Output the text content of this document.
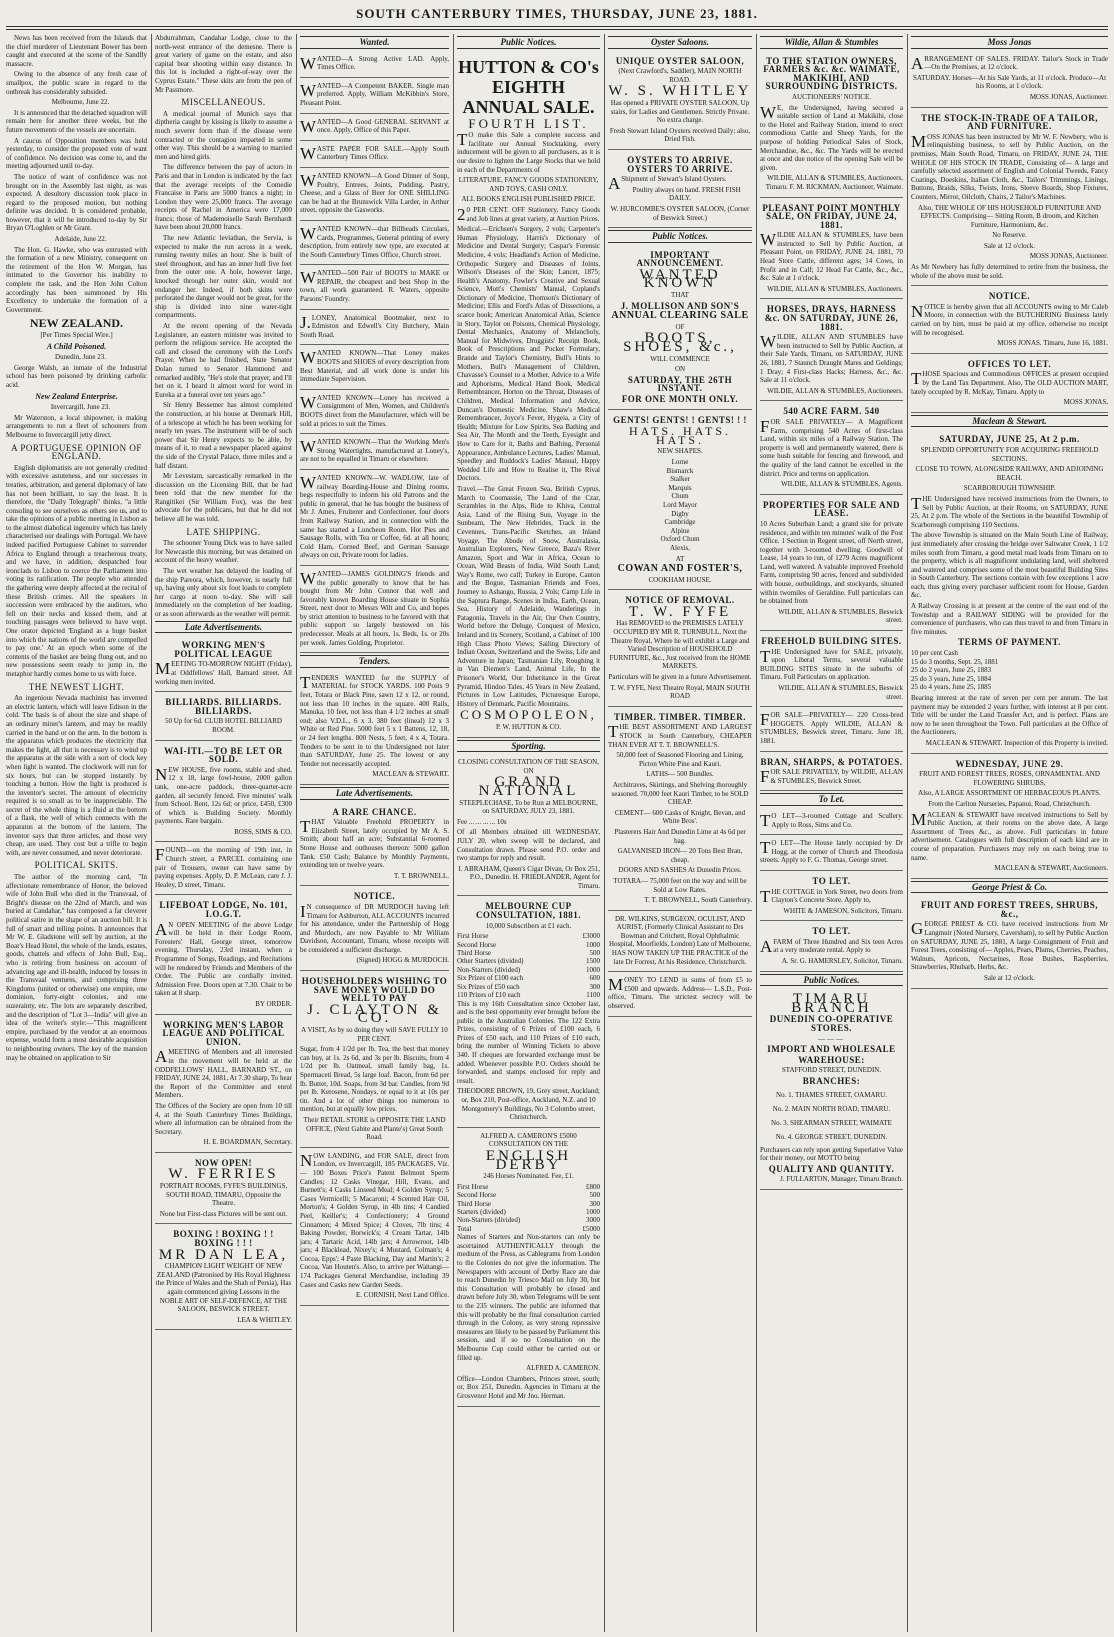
SOUTH CANTERBURY TIMES, THURSDAY, JUNE 23, 1881.

News has been received from the Islands that the chief murderer of Lieutenant Bower has been caught and executed at the scene of the Sandfly massacre.

Owing to the absence of any fresh case of smallpox, the public scare in regard to the outbreak has considerably subsided.

Melbourne, June 22.

It is announced that the detached squadron will remain here for another three weeks, but the future movements of the vessels are uncertain.

A caucus of Opposition members was held yesterday, to consider the proposed vote of want of confidence. No decision was come to, and the meeting adjourned until to-day.

The notice of want of confidence was not brought on in the Assembly last night, as was expected. A desultory discussion took place in regard to the proposed motion, but nothing definite was decided. It is considered probable, however, that it will be introduced to-day by Sir Bryan O'Loghlen or Mr Grant.

Adelaide, June 22.

The Hon. G. Hawke, who was entrusted with the formation of a new Ministry, consequent on the retirement of the Hon W. Morgan, has intimated to the Governor his inability to complete the task, and the Hon John Colton accordingly has been summoned by His Excellency to undertake the formation of a Government.

NEW ZEALAND.

[Per Times Special Wire.]

A Child Poisoned.

Dunedin, June 23.

George Walsh, an inmate of the Industrial school has been poisoned by drinking carbolic acid.

New Zealand Enterprise.

Invercargill, June 23.

Mr Waterston, a local shipowner, is making arrangements to run a fleet of schooners from Melbourne to Invercargill jetty direct.

A PORTUGUESE OPINION OF ENGLAND.

English diplomatists are not generally credited with excessive astuteness, and our successes in treaties, arbitration, and general diplomacy of late has not been brilliant, to say the least. It is therefore, the "Daily Telegraph" thinks, "a little consoling to see ourselves as others see us, and to take the opinions of a public meeting in Lisbon as to the almost diabolical ingenuity which has lately characterised our dealings with Portugal. We have indeed pacified Portuguese Cabinet to surrender Africa to England through a treacherous treaty, and we have, in addition, despatched four ironclads to Lisbon to coerce the Parliament into voting its ratification. The people who attended the gathering were deeply affected at the recital of these British crimes. All the speakers in succession were embraced by the auditors, who fell on their necks and kissed them, and at touching passages were believed to have wept. One orator depicted 'England as a huge basket into which the nations of the world are compelled to pay one.' At an epoch when some of the contents of the basket are being flung out, and no new possessions seem ready to jump in, the metaphor hardly comes home to us with force.

THE NEWEST LIGHT.

An ingenious Nevada machinist has invented an electric lantern, which will leave Edison in the cold. The basis is of about the size and shape of an ordinary miner's lantern, and may be readily carried in the hand or on the arm. In the bottom is the apparatus which produces the electricity that makes the light, all that is necessary is to wind up the apparatus at the side with a sort of clock key when light is wanted. The clockwork will run for six hours, but can be stopped instantly by touching a button. How the light is produced is the inventor's secret. The amount of electricity required is so small as to be inappreciable. The secret of the whole thing is a fluid at the bottom of a flask, the well of which connects with the apparatus at the bottom of the lantern. The inventor says that three articles, and those very cheap, are used. They cost but a trifle to begin with, are never consumed, and never deteriorate.

POLITICAL SKITS.

The author of the morning card, "In affectionate remembrance of Honor, the beloved wife of John Bull who died in the Transvaal, of Bright's disease on the 22nd of March, and was buried at Candahar," has composed a far cleverer political satire in the shape of an auction bill. It is full of smart and telling points. It announces that Mr W. E. Gladstone will sell by auction, at the Boar's Head Hotel, the whole of the lands, estates, goods, chattels and effects of John Bull, Esq., who is retiring from business on account of advancing age and ill-health, induced by losses in the Transvaal ventures, and comprising three Kingdoms (united or otherwise) one empire, one dominion, forty-eight colonies, and one suzerainty, etc. The lots are separately described, and the description of "Lot 3—India" will give an idea of the writer's style:—"This magnificent empire, purchased by the vendor at an enormous expense, would form a most desirable acquisition to neighbouring owners. The key of the mansion may be obtained on application to Sir

Abdurrahman, Candahar Lodge, close to the north-west entrance of the demesne. There is great variety of game on the estate, and also capital bear shooting within easy distance. In this lot is included a right-of-way over the Cyprus Estate." These skits are from the pen of Mr Passmore.

MISCELLANEOUS.

A medical journal of Munich says that diptheria caught by kissing is likely to assume a much severer form than if the disease were contracted or the contagion imparted in some other way. This should be a warning to married men and hired girls.

The difference between the pay of actors in Paris and that in London is indicated by the fact that the average receipts of the Comedie Francaise in Paris are 5000 francs a night; in London they were 25,000 francs. The average receipts of Rachel in America were 17,000 francs; those of Mademoiselle Sarah Bernhardt have been about 20,000 francs.

The new Atlantic leviathan, the Servia, is expected to make the run across in a week, running twenty miles an hour. She is built of steel throughout, and has an inner hull five feet from the outer one. A hole, however large, knocked through her outer skin, would not endanger her. Indeed, if both skins were perforated the danger would not be great, for the ship is divided into nine water-tight compartments.

At the recent opening of the Nevada Legislature, an eastern minister was invited to perform the religious service. He accepted the call and closed the ceremony with the Lord's Prayer. When he had finished, State Senator Dolan turned to Senator Hammond and remarked audibly, "He's stole that prayer, and I'll bet on it. I heard it almost word for word in Eureka at a funeral over ten years ago."

Sir Henry Bessemer has almost completed the construction, at his house at Denmark Hill, of a telescope at which he has been working for nearly ten years. The instrument will be of such power that Sir Henry expects to be able, by means of it, to read a newspaper placed against the side of the Crystal Palace, three miles and a half distant.

Mr Levestam, sarcastically remarked in the discussion on the Licensing Bill, that he had been told that the new member for the Rangitikei (Sir William Fox), was the best advocate for the publicans, but that he did not believe all he was told.

LATE SHIPPING.

The schooner Young Dick was to have sailed for Newcastle this morning, but was detained on account of the heavy weather.

The wet weather has delayed the loading of the ship Pareora, which, however, is nearly full up, having only about six foot loads to complete her cargo at noon to-day. She will sail immediately on the completion of her loading, or as soon afterwards as the weather will permit.

Late Advertisements.
WORKING MEN'S POLITICAL LEAGUE

MEETING TO-MORROW NIGHT (Friday), at Oddfellows' Hall, Barnard street. All working men invited.

BILLIARDS. BILLIARDS. BILLIARDS.

50 Up for 6d. CLUB HOTEL BILLIARD ROOM.

WAI-ITI.—TO BE LET OR SOLD.

NEW HOUSE, five rooms, stable and shed, 12 x 18, large fowl-house, 2000 gallon tank, one-acre paddock, three-quarter-acre garden, all securely fenced. Five minutes' walk from School. Rent, 12s 6d; or price, £450, £300 of which is Building Society. Monthly payments. Rare bargain.

ROSS, SIMS & CO.

FOUND—on the morning of 19th inst, in Church street, a PARCEL containing one pair of Trousers, owner can have same by paying expenses. Apply, D. P. McLean, care J. J. Healey, D street, Timaru.

LIFEBOAT LODGE, No. 101, I.O.G.T.

AN OPEN MEETING of the above Lodge will be held in their Lodge Room, Foresters' Hall, George street, tomorrow evening, Thursday, 23rd instant, when a Programme of Songs, Readings, and Recitations will be rendered by Friends and Members of the Order. The Public are cordially invited. Admission Free. Doors open at 7.30. Chair to be taken at 8 sharp.

BY ORDER.

WORKING MEN'S LABOR LEAGUE AND POLITICAL UNION.

AMEETING of Members and all interested in the movement will be held at the ODDFELLOWS' HALL, BARNARD ST., on FRIDAY, JUNE 24, 1881, At 7.30 sharp, To hear the Report of the Committee and enrol Members.

The Offices of the Society are open from 10 till 4, at the South Canterbury Times Buildings, where all information can be obtained from the Secretary.

H. E. BOARDMAN, Secretary.

NOW OPEN!
W. FERRIES

PORTRAIT ROOMS, FYFE'S BUILDINGS, SOUTH ROAD, TIMARU, Opposite the Theatre.

None but First-class Pictures will be sent out.

BOXING ! BOXING ! ! BOXING ! ! !
MR DAN LEA,

CHAMPION LIGHT WEIGHT OF NEW ZEALAND (Patronised by His Royal Highness the Prince of Wales and the Shah of Persia), Has again commenced giving Lessons in the NOBLE ART OF SELF-DEFENCE, AT THE SALOON, BESWICK STREET.

LEA & WHITLEY.

Wanted.

WANTED—A Strong Active LAD. Apply, Times Office.

WANTED—A Competent BAKER. Single man preferred. Apply, William McKibbin's Store, Pleasant Point.

WANTED—A Good GENERAL SERVANT at once. Apply, Office of this Paper.

WASTE PAPER FOR SALE.—Apply South Canterbury Times Office.

WANTED KNOWN—A Good Dinner of Soup, Poultry, Entrees, Joints, Pudding, Pastry, Cheese, and a Glass of Beer for ONE SHILLING can be had at the Brunswick Villa Larder, in Arthur street, opposite the Gasworks.

WANTED KNOWN—that Billheads Circulars, Cards, Programmes, General printing of every description, from entirely new type, are executed at the South Canterbury Times Office, Church street.

WANTED—500 Pair of BOOTS to MAKE or REPAIR, the cheapest and best Shop in the town, all work guaranteed. R. Waters, opposite Parsons' Foundry.

J.LONEY, Anatomical Bootmaker, next to Edmiston and Edwell's City Butchery, Main South Road.

WANTED KNOWN—That Loney makes BOOTS and SHOES of every description from Best Material, and all work done is under his immediate Supervision.

WANTED KNOWN—Loney has received a Consignment of Men, Women, and Children's BOOTS direct from the Manufacturer, which will be sold at prices to suit the Times.

WANTED KNOWN—That the Working Men's Strong Watertights, manufactured at Loney's, are not to be equalled in Timaru or elsewhere.

WANTED KNOWN—W. WADLOW, late of railway Boarding-House and Dining rooms, begs respectfully to inform his old Patrons and the public in general, that he has bought the business of Mr J. Ames, Fruiterer and Confectioner, four doors from Railway Station, and in connection with the same has started a Luncheon Room. Hot Pies and Sausage Rolls, with Tea or Coffee, 6d. at all hours; Cold Ham, Corned Beef, and German Sausage always on cut, Private room for ladies.

WANTED—JAMES GOLDING'S friends and the public generally to know that he has bought from Mr John Connor that well and favorably known Boarding House situate in Sophia Street, next door to Messrs Wilt and Co, and hopes by strict attention to business to be favored with that public support so largely bestowed on his predecessor. Meals at all hours, 1s. Beds, 1s. or 20s per week. James Golding, Proprietor.

Tenders.

TENDERS WANTED for the SUPPLY of MATERIAL for STOCK YARDS. 100 Posts 9 feet, Totara or Black Pine, sawn 12 x 12, or round, not less than 10 inches in the square. 400 Rails, Manuka, 10 feet, not less than 4 1/2 inches at small end; also V.D.L., 6 x 3. 380 feet (lineal) 12 x 3 White or Red Pine. 5000 feet 5 x 1 Battens, 12, 18, or 24 feet lengths. 800 Nests, 5 feet, 4 x 4, Totara. Tenders to be sent in to the Undersigned not later than SATURDAY, June 25. The lowest or any Tender not necessarily accepted.

MACLEAN & STEWART.

Late Advertisements.
A RARE CHANCE.

THAT Valuable Freehold PROPERTY in Elizabeth Street, lately occupied by Mr A. S. Smith; about half an acre; Substantial 6-roomed Stone House and outhouses thereon: 5000 gallon Tank. £50 Cash; Balance by Monthly Payments, extending ten or twelve years.

T. T. BROWNELL.

NOTICE.

IN consequence of DR MURDOCH having left Timaru for Ashburton, ALL ACCOUNTS incurred for his attendance, under the Partnership of Hogg and Murdoch, are now Payable to Mr William Davidson, Accountant, Timaru, whose receipts will be considered a sufficient discharge.

(Signed) HOGG & MURDOCH.

HOUSEHOLDERS WISHING TO SAVE MONEY WOULD DO WELL TO PAY
J. CLAYTON & CO.

A VISIT, As by so doing they will SAVE FULLY 10 PER CENT.

Sugar, from 4 1/2d per lb. Tea, the best that money can buy, at 1s. 2s 6d, and 3s per lb. Biscuits, from 4 1/2d per lb. Oatmeal, small family bag, 1s. Spermaceti Bread, 5s large loaf. Bacon, from 6d per lb. Butter, 10d. Soaps, from 3d bar. Candles, from 9d per lb. Kerosene, Nondays, or equal to it at 10s per tin. And a lot of other things too numerous to mention, but at equally low prices.

Their RETAIL STORE is OPPOSITE THE LAND OFFICE, (Next Gabite and Plante's) Great South Road.

NOW LANDING, and FOR SALE, direct from London, ex Invercargill, 185 PACKAGES, Viz.— 100 Boxes Price's Patent Belmont Sperm Candles; 12 Casks Vinegar, Hill, Evans, and Burnett's; 4 Casks Linseed Meal; 4 Golden Syrup; 5 Cases Vermicelli; 5 Macaroni; 4 Scented Hair Oil, Morton's; 4 Golden Syrup, in 4lb tins; 4 Candied Peel, Keiller's; 4 Confectionery; 4 Ground Cinnamon; 4 Mixed Spice; 4 Cloves, 7lb tins; 4 Baking Powder, Borwick's; 4 Cream Tartar, 14lb jars; 4 Tartaric Acid, 14lb jars; 4 Arrowroot, 14lb jars; 4 Blacklead, Nixey's; 4 Mustard, Colman's; 4 Cocoa, Epps'; 4 Paste Blacking, Day and Martin's; 2 Cocoa, Van Houten's. Also, to arrive per Waitangi— 174 Packages General Merchandise, including 39 Cases and Casks new Garden Seeds.

E. CORNISH, Next Land Office.

Public Notices.
HUTTON & CO's EIGHTH ANNUAL SALE.
FOURTH LIST.

TO make this Sale a complete success and facilitate our Annual Stocktaking, every inducement will be given to all purchasers, as it is our desire to lighten the Large Stocks that we hold in each of the Departments of

LITERATURE, FANCY GOODS STATIONERY, AND TOYS, CASH ONLY.

ALL BOOKS ENGLISH PUBLISHED PRICE.

20 PER CENT. OFF Stationery, Fancy Goods and Job lines at great variety, at Auction Prices.

Medical.—Erichsen's Surgery, 2 vols; Carpenter's Human Physiology, Harris's Dictionary of Medicine and Dental Surgery; Caspar's Forensic Medicine, 4 vols; Headland's Action of Medicine, Orthopedic Surgery and Diseases of Joints, Wilson's Diseases of the Skin; Lancet, 1875; Health's Anatomy, Fowler's Creative and Sexual Science, Mott's Chemists' Manual, Copland's Dictionary of Medicine, Thomson's Dictionary of Medicine; Ellis and Ford's Atlas of Dissections, a scarce book; American Anatomical Atlas, Science in Story, Taylor on Poisons, Chemical Physiology, Dental Mechanics, Anatomy of Melancholy, Manual for Midwives, Druggists' Receipt Book, Book of Prescriptions and Pocket Formulary, Brande and Taylor's Chemistry, Bull's Hints to Mothers, Bull's Management of Children, Chavasse's Counsel to a Mother, Advice to a Wife and Aphorisms, Medical Hand Book, Medical Remembrancer, Horton on the Throat, Diseases of Children, Medical Information and Advice, Duncan's Domestic Medicine, Shaw's Medical Remembrancer, Joyce's Fever, Hygeia, a City of Health; Mixture for Low Spirits, Sea Bathing and Sea Air, The Month and the Teeth, Eyesight and How to Care for it, Baths and Bathing, Personal Appearance, Ambulance Lectures, Ladies' Manual, Speedley and Ruddock's Ladies' Manual, Happy Wedded Life and How to Realise it, The Rival Doctors.

Travel.—The Great Frozen Sea, British Cyprus, March to Coomassie, The Land of the Czar, Scrambles in the Alps, Ride to Khiva, Central Asia, Land of the Rising Sun, Voyage in the Sunbeam, The New Hebrides, Track in the Cevennes, Trans-Pacific Sketches, an Inland Voyage, The Abode of Snow, Australasia, Australian Explorers, New Greece, Baza's River Amazon, Sport and War in Africa, Ocean to Ocean, Wild Beasts of India, Wild South Land; Way's Rome, two calf; Turkey in Europe, Canton and the Bogue, Tasmanian Friends and Foes, Journey to Ashango, Russia, 2 Vols; Camp Life in the Saptura Range, Scenes in India, Earth, Ocean, Sea, History of Adelaide, Wanderings in Patagonia, Travels in the Air, Our Own Country, World before the Deluge, Conquest of Mexico, Ireland and its Scenery, Scotland, a Cabinet of 100 High Class Photo Views; Sailing Directory of Indian Ocean, Switzerland and the Swiss, Life and Adventure in Japan; Tasmanian Lily, Roughing it in Van Diemen's Land, Animal Life, In the Prisoner's World, Our Inheritance in the Great Pyramid, Hindoo Tales, 45 Years in New Zealand, Pictures in Low Latitudes, Picturesque Europe, History of Denmark, Pacific Mountains.

COSMOPOLEON,

P. W. HUTTON & CO.

Sporting.

CLOSING CONSULTATION OF THE SEASON, ON

GRAND NATIONAL

STEEPLECHASE, To be Run at MELBOURNE, on SATURDAY, JULY 23, 1881.

Fee ... ... ... ... 10s

Of all Members obtained till WEDNESDAY, JULY 20, when sweep will be declared, and Consultation drawn. Please send P.O. order and two stamps for reply and result.

I. ABRAHAM, Queen's Cigar Divan, Or Box 251, P.O., Dunedin. H. FRIEDLANDER, Agent for Timaru.

MELBOURNE CUP CONSULTATION, 1881.

10,000 Subscribers at £1 each.

First Horse	£3000
Second Horse	1000
Third Horse	500
Other Starters (divided)	1500
Non-Starters (divided)	1000
Six Prizes of £100 each	600
Six Prizes of £50 each	300
110 Prizes of £10 each	1100

This is my 16th Consultation since October last, and is the best opportunity ever brought before the public in the Australian Colonies. The 122 Extra Prizes, consisting of 6 Prizes of £100 each, 6 Prizes of £50 each, and 110 Prizes of £10 each, bring the number of Winning Tickets to above 340. If cheques are forwarded exchange must be added. Whenever possible P.O. Orders should be forwarded, and stamps enclosed for reply and result.

THEODORE BROWN, 19, Grey street, Auckland; or, Box 210, Post-office, Auckland, N.Z. and 10 Montgomery's Buildings, No 3 Colombo street, Christchurch.

ALFRED A. CAMERON'S £5000 CONSULTATION ON THE

ENGLISH DERBY

246 Horses Nominated. Fee, £1.

First Horse	£800
Second Horse	500
Third Horse	300
Starters (divided)	1000
Non-Starters (divided)	3000
Total	£5000

Names of Starters and Non-starters can only be ascertained AUTHENTICALLY through the medium of the Press, as Cablegrams from London to the Colonies do not give the information. The Newspapers with account of Derby Race are due to reach Dunedin by Triesco Mail on July 30, but this Consultation will probably be closed and drawn before July 30, when Telegrams will be sent to the 235 winners. The public are informed that this will probably be the final consultation carried through in the Colony, as very strong repressive measures are likely to be passed by Parliament this session, and if so no Consultation on the Melbourne Cup could either be carried out or filled up.

ALFRED A. CAMERON.

Office—London Chambers, Princes street, south; or, Box 251, Dunedin. Agencies in Timaru at the Grosvenor Hotel and Mr Jno. Herman.

Oyster Saloons.
UNIQUE OYSTER SALOON,

(Next Crawford's, Saddler), MAIN NORTH ROAD.

W. S. WHITLEY

Has opened a PRIVATE OYSTER SALOON, Up stairs, for Ladies and Gentlemen. Strictly Private. No extra charge.

Fresh Stewart Island Oysters received Daily; also, Dried Fish.

OYSTERS TO ARRIVE. OYSTERS TO ARRIVE.

AShipment of Stewart's Island Oysters.

Poultry always on hand. FRESH FISH DAILY.

W. HURCOMBE'S OYSTER SALOON, (Corner of Beswick Street.)

Public Notices.
IMPORTANT ANNOUNCEMENT.
WANTED KNOWN

THAT

J. MOLLISON AND SON'S
ANNUAL CLEARING SALE

OF

BOOTS, SHOES, &c.,

WILL COMMENCE

ON

SATURDAY, THE 26TH INSTANT.
FOR ONE MONTH ONLY.
GENTS! GENTS! ! GENTS! ! !
HATS. HATS. HATS.

NEW SHAPES.

Lorne
Bismarck
Stalker
Marquis
Chum
Lord Mayor
Digby
Cambridge
Alpine
Oxford Chum
Alexis,

AT

COWAN AND FOSTER'S,

COOKHAM HOUSE.

NOTICE OF REMOVAL.
T. W. FYFE

Has REMOVED to the PREMISES LATELY OCCUPIED BY MR R. TURNBULL, Next the Theatre Royal, Where he will exhibit a Large and Varied Description of HOUSEHOLD FURNITURE, &c., Just received from the HOME MARKETS.

Particulars will be given in a future Advertisement.

T. W. FYFE, Next Theatre Royal, MAIN SOUTH ROAD

TIMBER. TIMBER. TIMBER.

THE BEST ASSORTMENT AND LARGEST STOCK in South Canterbury, CHEAPER THAN EVER AT T. T. BROWNELL'S.

50,000 feet of Seasoned Flooring and Lining, Picton White Pine and Kauri.

LATHS— 500 Bundles.

Architraves, Skirtings, and Shelving thoroughly seasoned. 70,000 feet Kauri Timber, to be SOLD CHEAP.

CEMENT— 600 Casks of Knight, Bevan, and White Bros'.

Plasterers Hair And Dunedin Lime at 4s 6d per bag.

GALVANISED IRON— 20 Tons Best Bran, cheap.

DOORS AND SASHES At Dunedin Prices.

TOTARA— 75,000 feet on the way and will be Sold at Low Rates.

T. T. BROWNELL, South Canterbury.

DR. WILKINS, SURGEON, OCULIST, AND AURIST, (Formerly Clinical Assistant to Drs Bowman and Critchett, Royal Ophthalmic Hospital, Moorfields, London) Late of Melbourne, HAS NOW TAKEN UP THE PRACTICE of the late Dr Forrest, At his Residence, Christchurch.

MONEY TO LEND in sums of from £5 to £500 and upwards. Address— L.S.D., Post-office, Timaru. The strictest secrecy will be observed.

Wildie, Allan & Stumbles
TO THE STATION OWNERS, FARMERS &c. &c. WAIMATE, MAKIKIHI, AND SURROUNDING DISTRICTS.

AUCTIONEERS' NOTICE.

WE, the Undersigned, having secured a suitable section of Land at Makikihi, close to the Hotel and Railway Station, intend to erect commodious Cattle and Sheep Yards, for the purpose of holding Periodical Sales of Stock, Merchandise, &c., &c. The Yards will be erected at once and due notice of the opening Sale will be given.

WILDIE, ALLAN & STUMBLES, Auctioneers, Timaru. F. M. RICKMAN, Auctioneer, Waimate.

PLEASANT POINT MONTHLY SALE, ON FRIDAY, JUNE 24, 1881.

WILDIE ALLAN & STUMBLES, have been instructed to Sell by Public Auction, at Pleasant Point, on FRIDAY, JUNE 24, 1881, 70 Head Store Cattle, different ages; 14 Cows, in Profit and in Calf; 12 Head Fat Cattle, &c., &c., &c. Sale at 1 o'clock.

WILDIE, ALLAN & STUMBLES, Auctioneers.

HORSES, DRAYS, HARNESS &c. ON SATURDAY, JUNE 26, 1881.

WILDIE, ALLAN AND STUMBLES have been instructed to Sell by Public Auction, at their Sale Yards, Timaru, on SATURDAY, JUNE 26, 1881, 7 Staunch Draught Mares and Geldings; 1 Dray; 4 First-class Hacks; Harness, &c., &c. Sale at 11 o'clock.

WILDIE, ALLAN & STUMBLES, Auctioneers.

540 ACRE FARM. 540

FOR SALE PRIVATELY— A Magnificent Farm, comprising 540 Acres of first-class Land, within six miles of a Railway Station. The property is well and permanently watered, there is some bush suitable for fencing and firewood, and the quality of the land cannot be excelled in the district. Price and terms on application.

WILDIE, ALLAN & STUMBLES, Agents.

PROPERTIES FOR SALE AND LEASE.

10 Acres Suburban Land; a grand site for private residence, and within ten minutes' walk of the Post Office. 1 Section in Regent street, off North street, together with 3-roomed dwelling. Goodwill of Lease, 14 years to run, of 1279 Acres magnificent Land, well watered. A valuable improved Freehold Farm, comprising 90 acres, fenced and subdivided with house, outbuildings, and stockyards, situated within twomiles of Geraldine. Full particulars can be obtained from

WILDIE, ALLAN & STUMBLES, Beswick street.

FREEHOLD BUILDING SITES.

THE Undersigned have for SALE, privately, upon Liberal Terms, several valuable BUILDING SITES situate in the suburbs of Timaru. Full Particulars on application.

WILDIE, ALLAN & STUMBLES, Beswick street.

FOR SALE—PRIVATELY— 220 Cross-bred HOGGETS. Apply WILDIE, ALLAN & STUMBLES, Beswick street, Timaru. June 18, 1881.

BRAN, SHARPS, & POTATOES.

FOR SALE PRIVATELY, by WILDIE, ALLAN & STUMBLES, Beswick Street.

To Let.

TO LET—3-roomed Cottage and Scullery. Apply to Ross, Sims and Co.

TO LET—The House lately occupied by Dr Hogg, at the corner of Church and Theodosia streets. Apply to F. G. Thomas, George street.

TO LET.

THE COTTAGE in York Street, two doors from Clayton's Concrete Store. Apply to,

WHITE & JAMESON, Solicitors, Timaru.

TO LET.

AFARM of Three Hundred and Six teen Acres at a very moderate rental. Apply to

A. Sr. G. HAMERSLEY, Solicitor, Timaru.

Public Notices.
TIMARU BRANCH
DUNEDIN CO-OPERATIVE STORES.
———
IMPORT AND WHOLESALE
WAREHOUSE:

STAFFORD STREET, DUNEDIN.

BRANCHES:

No. 1. THAMES STREET, OAMARU.
No. 2. MAIN NORTH ROAD, TIMARU.
No. 3. SHEARMAN STREET, WAIMATE
No. 4. GEORGE STREET, DUNEDIN.

Purchasers can rely upon getting Superlative Value for their money, our MOTTO being

QUALITY AND QUANTITY.

J. FULLARTON, Manager, Timaru Branch.

Moss Jonas

ARRANGEMENT OF SALES. FRIDAY. Tailor's Stock in Trade—On the Premises, at 12 o'clock.

SATURDAY. Horses—At his Sale Yards, at 11 o'clock. Produce—At his Rooms, at 1 o'clock.

MOSS JONAS, Auctioneer.

THE STOCK-IN-TRADE OF A TAILOR, AND FURNITURE.

MOSS JONAS has been instructed by Mr W. F. Newbery, who is relinquishing business, to sell by Public Auction, on the premises, Main South Road, Timaru, on FRIDAY, JUNE 24, THE WHOLE OF HIS STOCK IN TRADE, Consisting of— A large and carefully selected assortment of English and Colonial Tweeds, Fancy Coatings, Doeskins, Italian Cloth, &c., Tailors' Trimmings, Linings, Buttons, Braids, Silks, Twists, Irons, Sleeve Boards, Shop Fixtures, Counters, Mirror, Oilcloth, Chairs, 2 Tailor's Machines.

Also, THE WHOLE OF HIS HOUSEHOLD FURNITURE AND EFFECTS. Comprising— Sitting Room, B droom, and Kitchen Furniture, Harmonium, &c.

No Reserve.

Sale at 12 o'clock.

MOSS JONAS, Auctioneer.

As Mr Newbery has fully determined to retire from the business, the whole of the above must be sold.

NOTICE.

NOTICE is hereby given that all ACCOUNTS owing to Mr Caleb Moore, in connection with the BUTCHERING Business lately carried on by him, must be paid at my office, otherwise no receipt will be recognised.

MOSS JONAS. Timaru, June 16, 1881.

OFFICES TO LET.

THOSE Spacious and Commodious OFFICES at present occupied by the Land Tax Department. Also, The OLD AUCTION MART, lately occupied by R. McKay, Timaru. Apply to

MOSS JONAS,

Maclean & Stewart.
SATURDAY, JUNE 25, At 2 p.m.

SPLENDID OPPORTUNITY FOR ACQUIRING FREEHOLD SECTIONS.

CLOSE TO TOWN, ALONGSIDE RAILWAY, AND ADJOINING BEACH.

SCARBOROUGH TOWNSHIP.

THE Undersigned have received instructions from the Owners, to Sell by Public Auction, at their Rooms, on SATURDAY, JUNE 25, At 2 p.m. The whole of the Sections in the beautiful Township of Scarborough comprising 110 Sections.

The above Township is situated on the Main South Line of Railway, just immediately after crossing the bridge over Saltwater Creek, 1 1/2 miles south from Timaru, a good metal road leads from Timaru on to the property, which is all magnificent undulating land, well sheltered and watered and comprises some of the most beautiful Building Sites in South Canterbury. The sections contain with few exceptions 1 acre each, thus giving every purchaser sufficient room for House, Garden &c.

A Railway Crossing is at present at the centre of the east end of the Township and a RAILWAY SIDING will be provided for the convenience of purchasers, who can thus travel to and from Timaru in five minutes.

TERMS OF PAYMENT.

10 per cent Cash
15 do 3 months, Sept. 25, 1881
25 do 2 years, June 25, 1883
25 do 3 years, June 25, 1884
25 do 4 years, June 25, 1885

Bearing interest at the rate of seven per cent per annum. The last payment may be extended 2 years further, with interest at 8 per cent. Title will be under the Land Transfer Act, and is perfect. Plans are now to be seen throughout the Town. Full particulars at the Office of the Auctioneers,

MACLEAN & STEWART. Inspection of this Property is invited.

WEDNESDAY, JUNE 29.

FRUIT AND FOREST TREES, ROSES, ORNAMENTAL AND FLOWERING SHRUBS,

Also, A LARGE ASSORTMENT OF HERBACEOUS PLANTS.

From the Carlton Nurseries, Papanui, Road, Christchurch.

MACLEAN & STEWART have received instructions to Sell by Public Auction, at their rooms on the above date, A large Assortment of Trees &c., as above. Full particulars in future advertisement. Catalogues with full description of each kind are in course of preparation. Purchasers may rely on each being true to name.

MACLEAN & STEWART, Auctioneers.

George Priest & Co.
FRUIT AND FOREST TREES, SHRUBS, &c.,

GEORGE PRIEST & CO. have received instructions from Mr Langmuir (Noted Nursery, Caversham), to sell by Public Auction on SATURDAY, JUNE 25, 1881, A large Consignment of Fruit and Forest Trees, consisting of— Apples, Pears, Plums, Cherries, Peaches, Walnuts, Apricots, Nectarines, Rose Bushes, Raspberries, Strawberries, Rhubarb, Herbs, &c.

Sale at 12 o'clock.
